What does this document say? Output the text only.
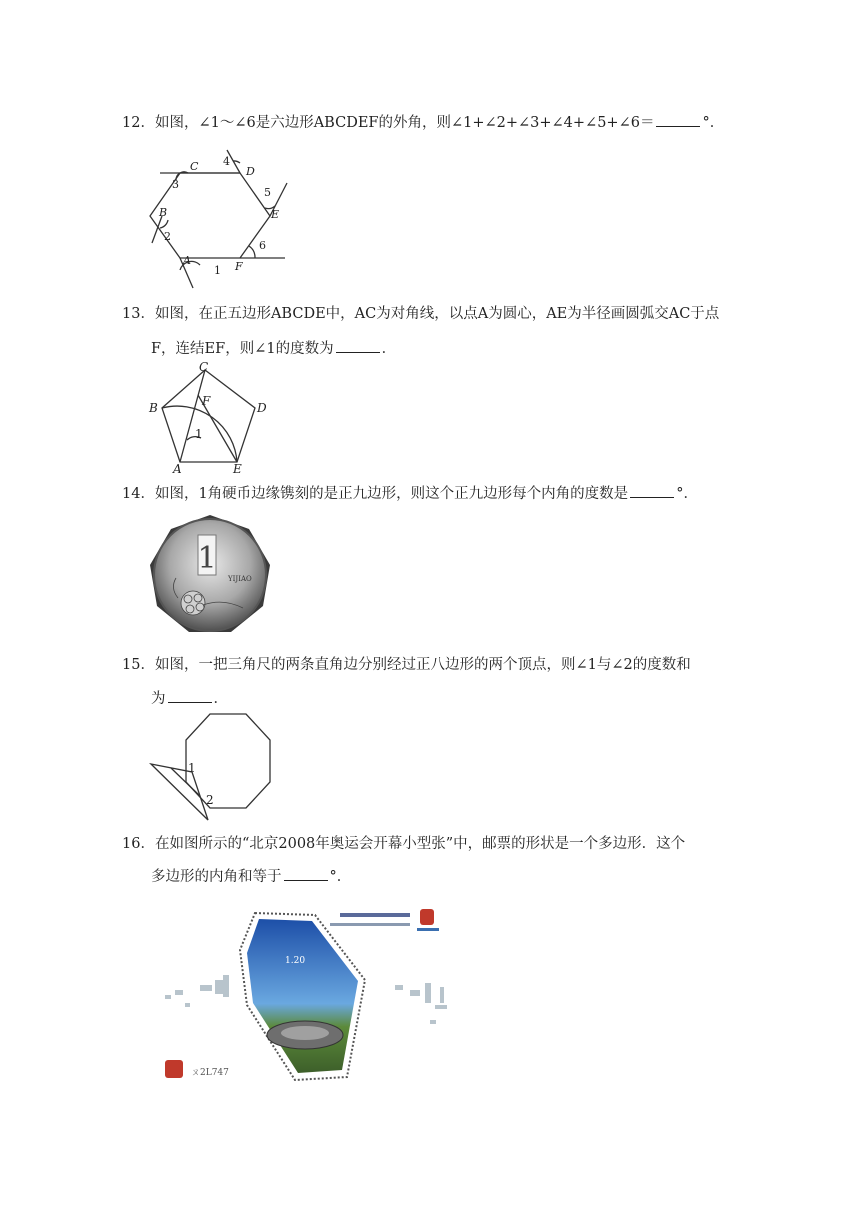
12．如图，∠1～∠6是六边形ABCDEF的外角，则∠1+∠2+∠3+∠4+∠5+∠6＝	°．
C	D
B	E
A	F
1
2
3
4
5
6
13．如图，在正五边形ABCDE中，AC为对角线，以点A为圆心，AE为半径画圆弧交AC于点
F，连结EF，则∠1的度数为	．
C
B	F	D
1
A	E
14．如图，1角硬币边缘镌刻的是正九边形，则这个正九边形每个内角的度数是	°．
1
YIJIAO
15．如图，一把三角尺的两条直角边分别经过正八边形的两个顶点，则∠1与∠2的度数和
为	．
1
2
16．在如图所示的“北京2008年奥运会开幕小型张”中，邮票的形状是一个多边形．这个
多边形的内角和等于	°．
1.20
ㄡ2L747
